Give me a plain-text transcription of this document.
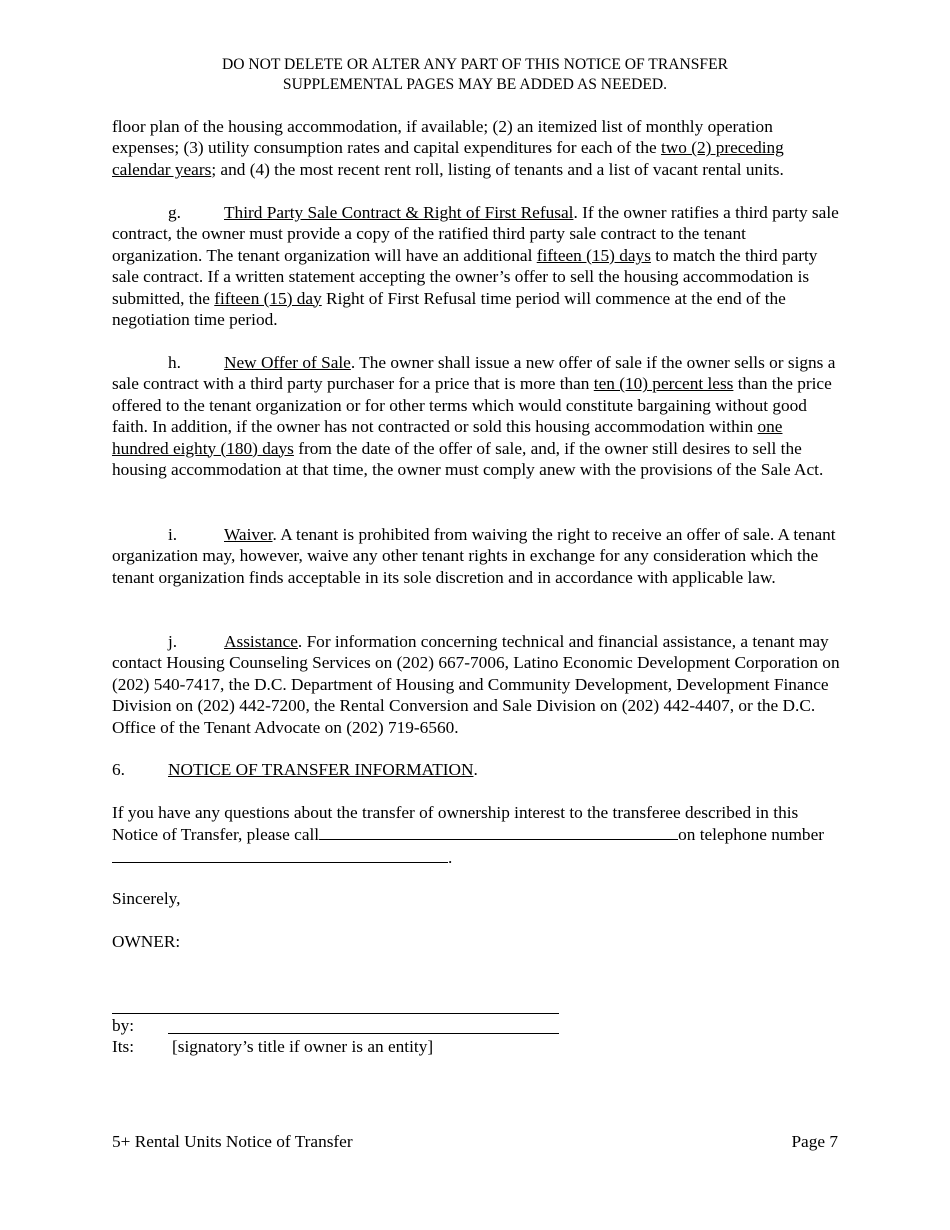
DO NOT DELETE OR ALTER ANY PART OF THIS NOTICE OF TRANSFER
SUPPLEMENTAL PAGES MAY BE ADDED AS NEEDED.

floor plan of the housing accommodation, if available; (2) an itemized list of monthly operation expenses; (3) utility consumption rates and capital expenditures for each of the two (2) preceding calendar years; and (4) the most recent rent roll, listing of tenants and a list of vacant rental units.

g. Third Party Sale Contract & Right of First Refusal. If the owner ratifies a third party sale contract, the owner must provide a copy of the ratified third party sale contract to the tenant organization. The tenant organization will have an additional fifteen (15) days to match the third party sale contract. If a written statement accepting the owner’s offer to sell the housing accommodation is submitted, the fifteen (15) day Right of First Refusal time period will commence at the end of the negotiation time period.

h. New Offer of Sale. The owner shall issue a new offer of sale if the owner sells or signs a sale contract with a third party purchaser for a price that is more than ten (10) percent less than the price offered to the tenant organization or for other terms which would constitute bargaining without good faith. In addition, if the owner has not contracted or sold this housing accommodation within one hundred eighty (180) days from the date of the offer of sale, and, if the owner still desires to sell the housing accommodation at that time, the owner must comply anew with the provisions of the Sale Act.

i.	Waiver. A tenant is prohibited from waiving the right to receive an offer of sale. A tenant organization may, however, waive any other tenant rights in exchange for any consideration which the tenant organization finds acceptable in its sole discretion and in accordance with applicable law.

j.	Assistance. For information concerning technical and financial assistance, a tenant may contact Housing Counseling Services on (202) 667-7006, Latino Economic Development Corporation on (202) 540-7417, the D.C. Department of Housing and Community Development, Development Finance Division on (202) 442-7200, the Rental Conversion and Sale Division on (202) 442-4407, or the D.C. Office of the Tenant Advocate on (202) 719-6560.

6. NOTICE OF TRANSFER INFORMATION.

If you have any questions about the transfer of ownership interest to the transferee described in this Notice of Transfer, please call	on telephone number.

Sincerely,

OWNER:

by:
Its: [signatory’s title if owner is an entity]
5+ Rental Units Notice of Transfer	Page 7
